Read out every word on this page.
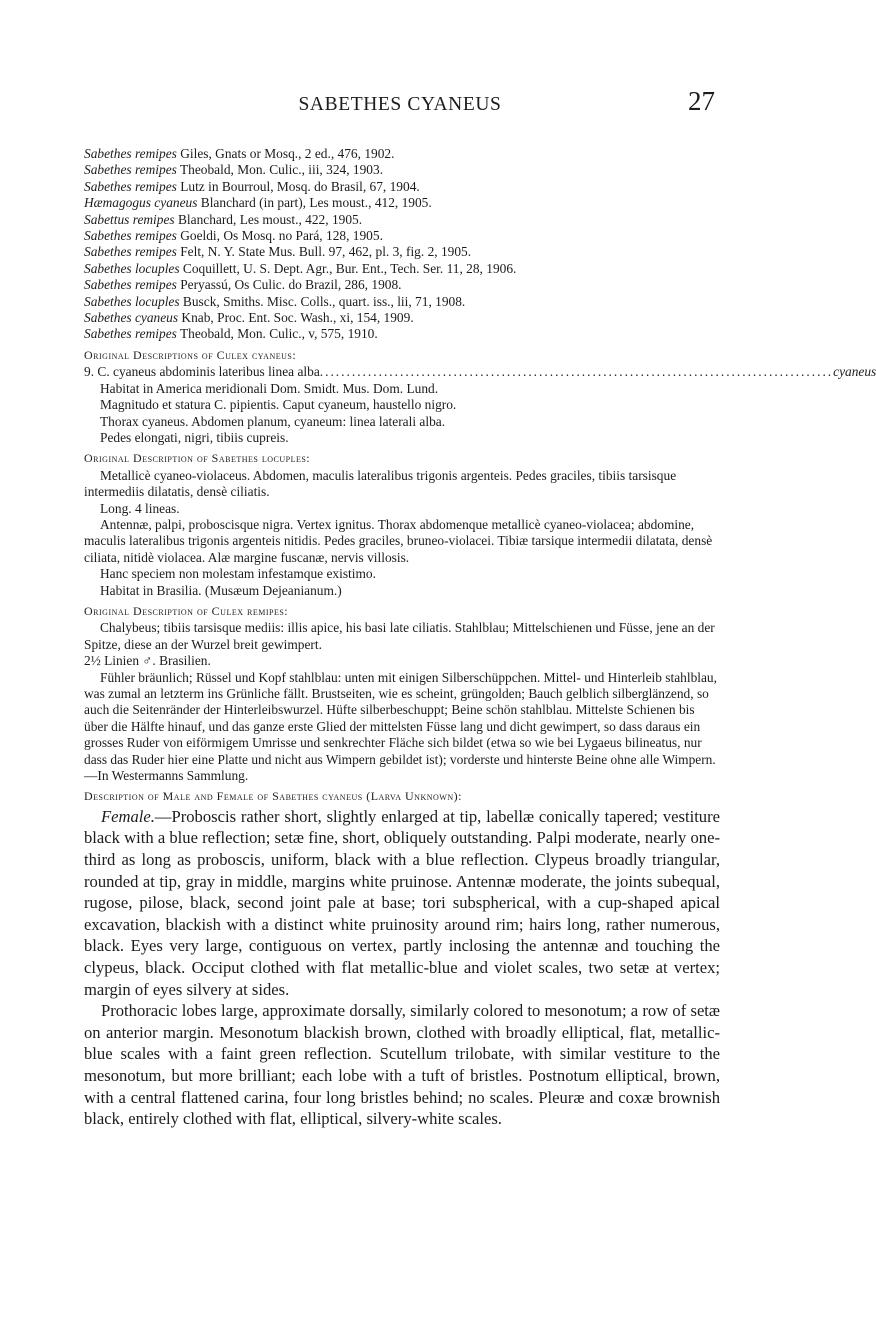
SABETHES CYANEUS	27
Sabethes remipes Giles, Gnats or Mosq., 2 ed., 476, 1902.
Sabethes remipes Theobald, Mon. Culic., iii, 324, 1903.
Sabethes remipes Lutz in Bourroul, Mosq. do Brasil, 67, 1904.
Hæmagogus cyaneus Blanchard (in part), Les moust., 412, 1905.
Sabettus remipes Blanchard, Les moust., 422, 1905.
Sabethes remipes Goeldi, Os Mosq. no Pará, 128, 1905.
Sabethes remipes Felt, N. Y. State Mus. Bull. 97, 462, pl. 3, fig. 2, 1905.
Sabethes locuples Coquillett, U. S. Dept. Agr., Bur. Ent., Tech. Ser. 11, 28, 1906.
Sabethes remipes Peryassú, Os Culic. do Brazil, 286, 1908.
Sabethes locuples Busck, Smiths. Misc. Colls., quart. iss., lii, 71, 1908.
Sabethes cyaneus Knab, Proc. Ent. Soc. Wash., xi, 154, 1909.
Sabethes remipes Theobald, Mon. Culic., v, 575, 1910.
Original Descriptions of Culex cyaneus:
9. C. cyaneus abdominis lateribus linea alba ................................................................................................ cyaneus

Habitat in America meridionali Dom. Smidt. Mus. Dom. Lund.

Magnitudo et statura C. pipientis. Caput cyaneum, haustello nigro.

Thorax cyaneus. Abdomen planum, cyaneum: linea laterali alba.

Pedes elongati, nigri, tibiis cupreis.

Original Description of Sabethes locuples:

Metallicè cyaneo-violaceus. Abdomen, maculis lateralibus trigonis argenteis. Pedes graciles, tibiis tarsisque intermediis dilatatis, densè ciliatis.

Long. 4 lineas.

Antennæ, palpi, proboscisque nigra. Vertex ignitus. Thorax abdomenque metallicè cyaneo-violacea; abdomine, maculis lateralibus trigonis argenteis nitidis. Pedes graciles, bruneo-violacei. Tibiæ tarsique intermedii dilatata, densè ciliata, nitidè violacea. Alæ margine fuscanæ, nervis villosis.

Hanc speciem non molestam infestamque existimo.

Habitat in Brasilia. (Musæum Dejeanianum.)

Original Description of Culex remipes:

Chalybeus; tibiis tarsisque mediis: illis apice, his basi late ciliatis. Stahlblau; Mittelschienen und Füsse, jene an der Spitze, diese an der Wurzel breit gewimpert.

2½ Linien ♂. Brasilien.

Fühler bräunlich; Rüssel und Kopf stahlblau: unten mit einigen Silberschüppchen. Mittel- und Hinterleib stahlblau, was zumal an letzterm ins Grünliche fällt. Brustseiten, wie es scheint, grüngolden; Bauch gelblich silberglänzend, so auch die Seitenränder der Hinterleibswurzel. Hüfte silberbeschuppt; Beine schön stahlblau. Mittelste Schienen bis über die Hälfte hinauf, und das ganze erste Glied der mittelsten Füsse lang und dicht gewimpert, so dass daraus ein grosses Ruder von eiförmigem Umrisse und senkrechter Fläche sich bildet (etwa so wie bei Lygaeus bilineatus, nur dass das Ruder hier eine Platte und nicht aus Wimpern gebildet ist); vorderste und hinterste Beine ohne alle Wimpern.—In Westermanns Sammlung.

Description of Male and Female of Sabethes cyaneus (Larva Unknown):

Female.—Proboscis rather short, slightly enlarged at tip, labellæ conically tapered; vestiture black with a blue reflection; setæ fine, short, obliquely outstanding. Palpi moderate, nearly one-third as long as proboscis, uniform, black with a blue reflection. Clypeus broadly triangular, rounded at tip, gray in middle, margins white pruinose. Antennæ moderate, the joints subequal, rugose, pilose, black, second joint pale at base; tori subspherical, with a cup-shaped apical excavation, blackish with a distinct white pruinosity around rim; hairs long, rather numerous, black. Eyes very large, contiguous on vertex, partly inclosing the antennæ and touching the clypeus, black. Occiput clothed with flat metallic-blue and violet scales, two setæ at vertex; margin of eyes silvery at sides.

Prothoracic lobes large, approximate dorsally, similarly colored to mesonotum; a row of setæ on anterior margin. Mesonotum blackish brown, clothed with broadly elliptical, flat, metallic-blue scales with a faint green reflection. Scutellum trilobate, with similar vestiture to the mesonotum, but more brilliant; each lobe with a tuft of bristles. Postnotum elliptical, brown, with a central flattened carina, four long bristles behind; no scales. Pleuræ and coxæ brownish black, entirely clothed with flat, elliptical, silvery-white scales.
